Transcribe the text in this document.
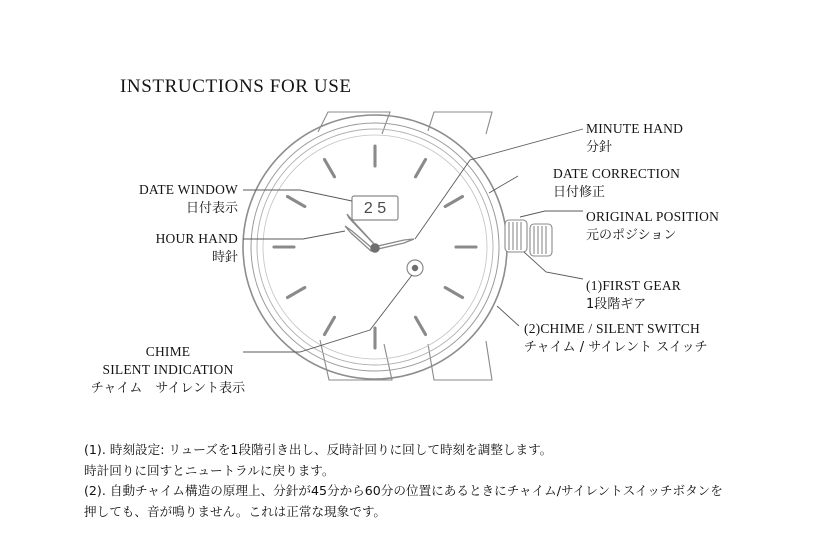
INSTRUCTIONS FOR USE
2 5
MINUTE HAND
分針
DATE CORRECTION
日付修正
ORIGINAL POSITION
元のポジション
(1)FIRST GEAR
1段階ギア
(2)CHIME / SILENT SWITCH
チャイム / サイレント スイッチ
DATE WINDOW
日付表示
HOUR HAND
時針
CHIME
SILENT INDICATION
チャイム　サイレント表示

(1). 時刻設定: リューズを1段階引き出し、反時計回りに回して時刻を調整します。

時計回りに回すとニュートラルに戻ります。

(2). 自動チャイム構造の原理上、分針が45分から60分の位置にあるときにチャイム/サイレントスイッチボタンを

押しても、音が鳴りません。これは正常な現象です。
